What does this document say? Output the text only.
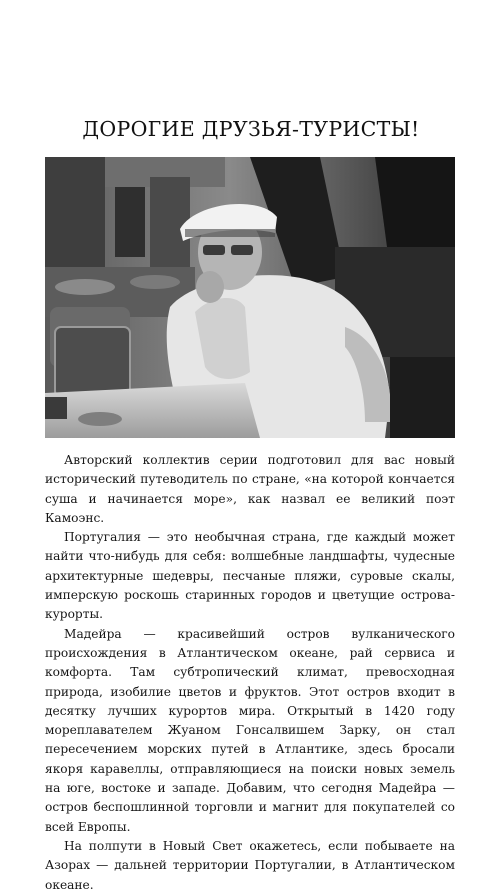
ДОРОГИЕ ДРУЗЬЯ-ТУРИСТЫ!

Авторский коллектив серии подготовил для вас новый исторический путеводитель по стране, «на которой кончается суша и начинается море», как назвал ее великий поэт Камоэнс.

Португалия — это необычная страна, где каждый может найти что-нибудь для себя: волшебные ландшафты, чудесные архитектурные шедевры, песчаные пляжи, суровые скалы, имперскую роскошь старинных городов и цветущие острова-курорты.

Мадейра — красивейший остров вулканического происхождения в Атлантическом океане, рай сервиса и комфорта. Там субтропический климат, превосходная природа, изобилие цветов и фруктов. Этот остров входит в десятку лучших курортов мира. Открытый в 1420 году мореплавателем Жуаном Гонсалвишем Зарку, он стал пересечением морских путей в Атлантике, здесь бросали якоря каравеллы, отправляющиеся на поиски новых земель на юге, востоке и западе. Добавим, что сегодня Мадейра — остров беспошлинной торговли и магнит для покупателей со всей Европы.

На полпути в Новый Свет окажетесь, если побываете на Азорах — дальней территории Португалии, в Атлантическом океане.
